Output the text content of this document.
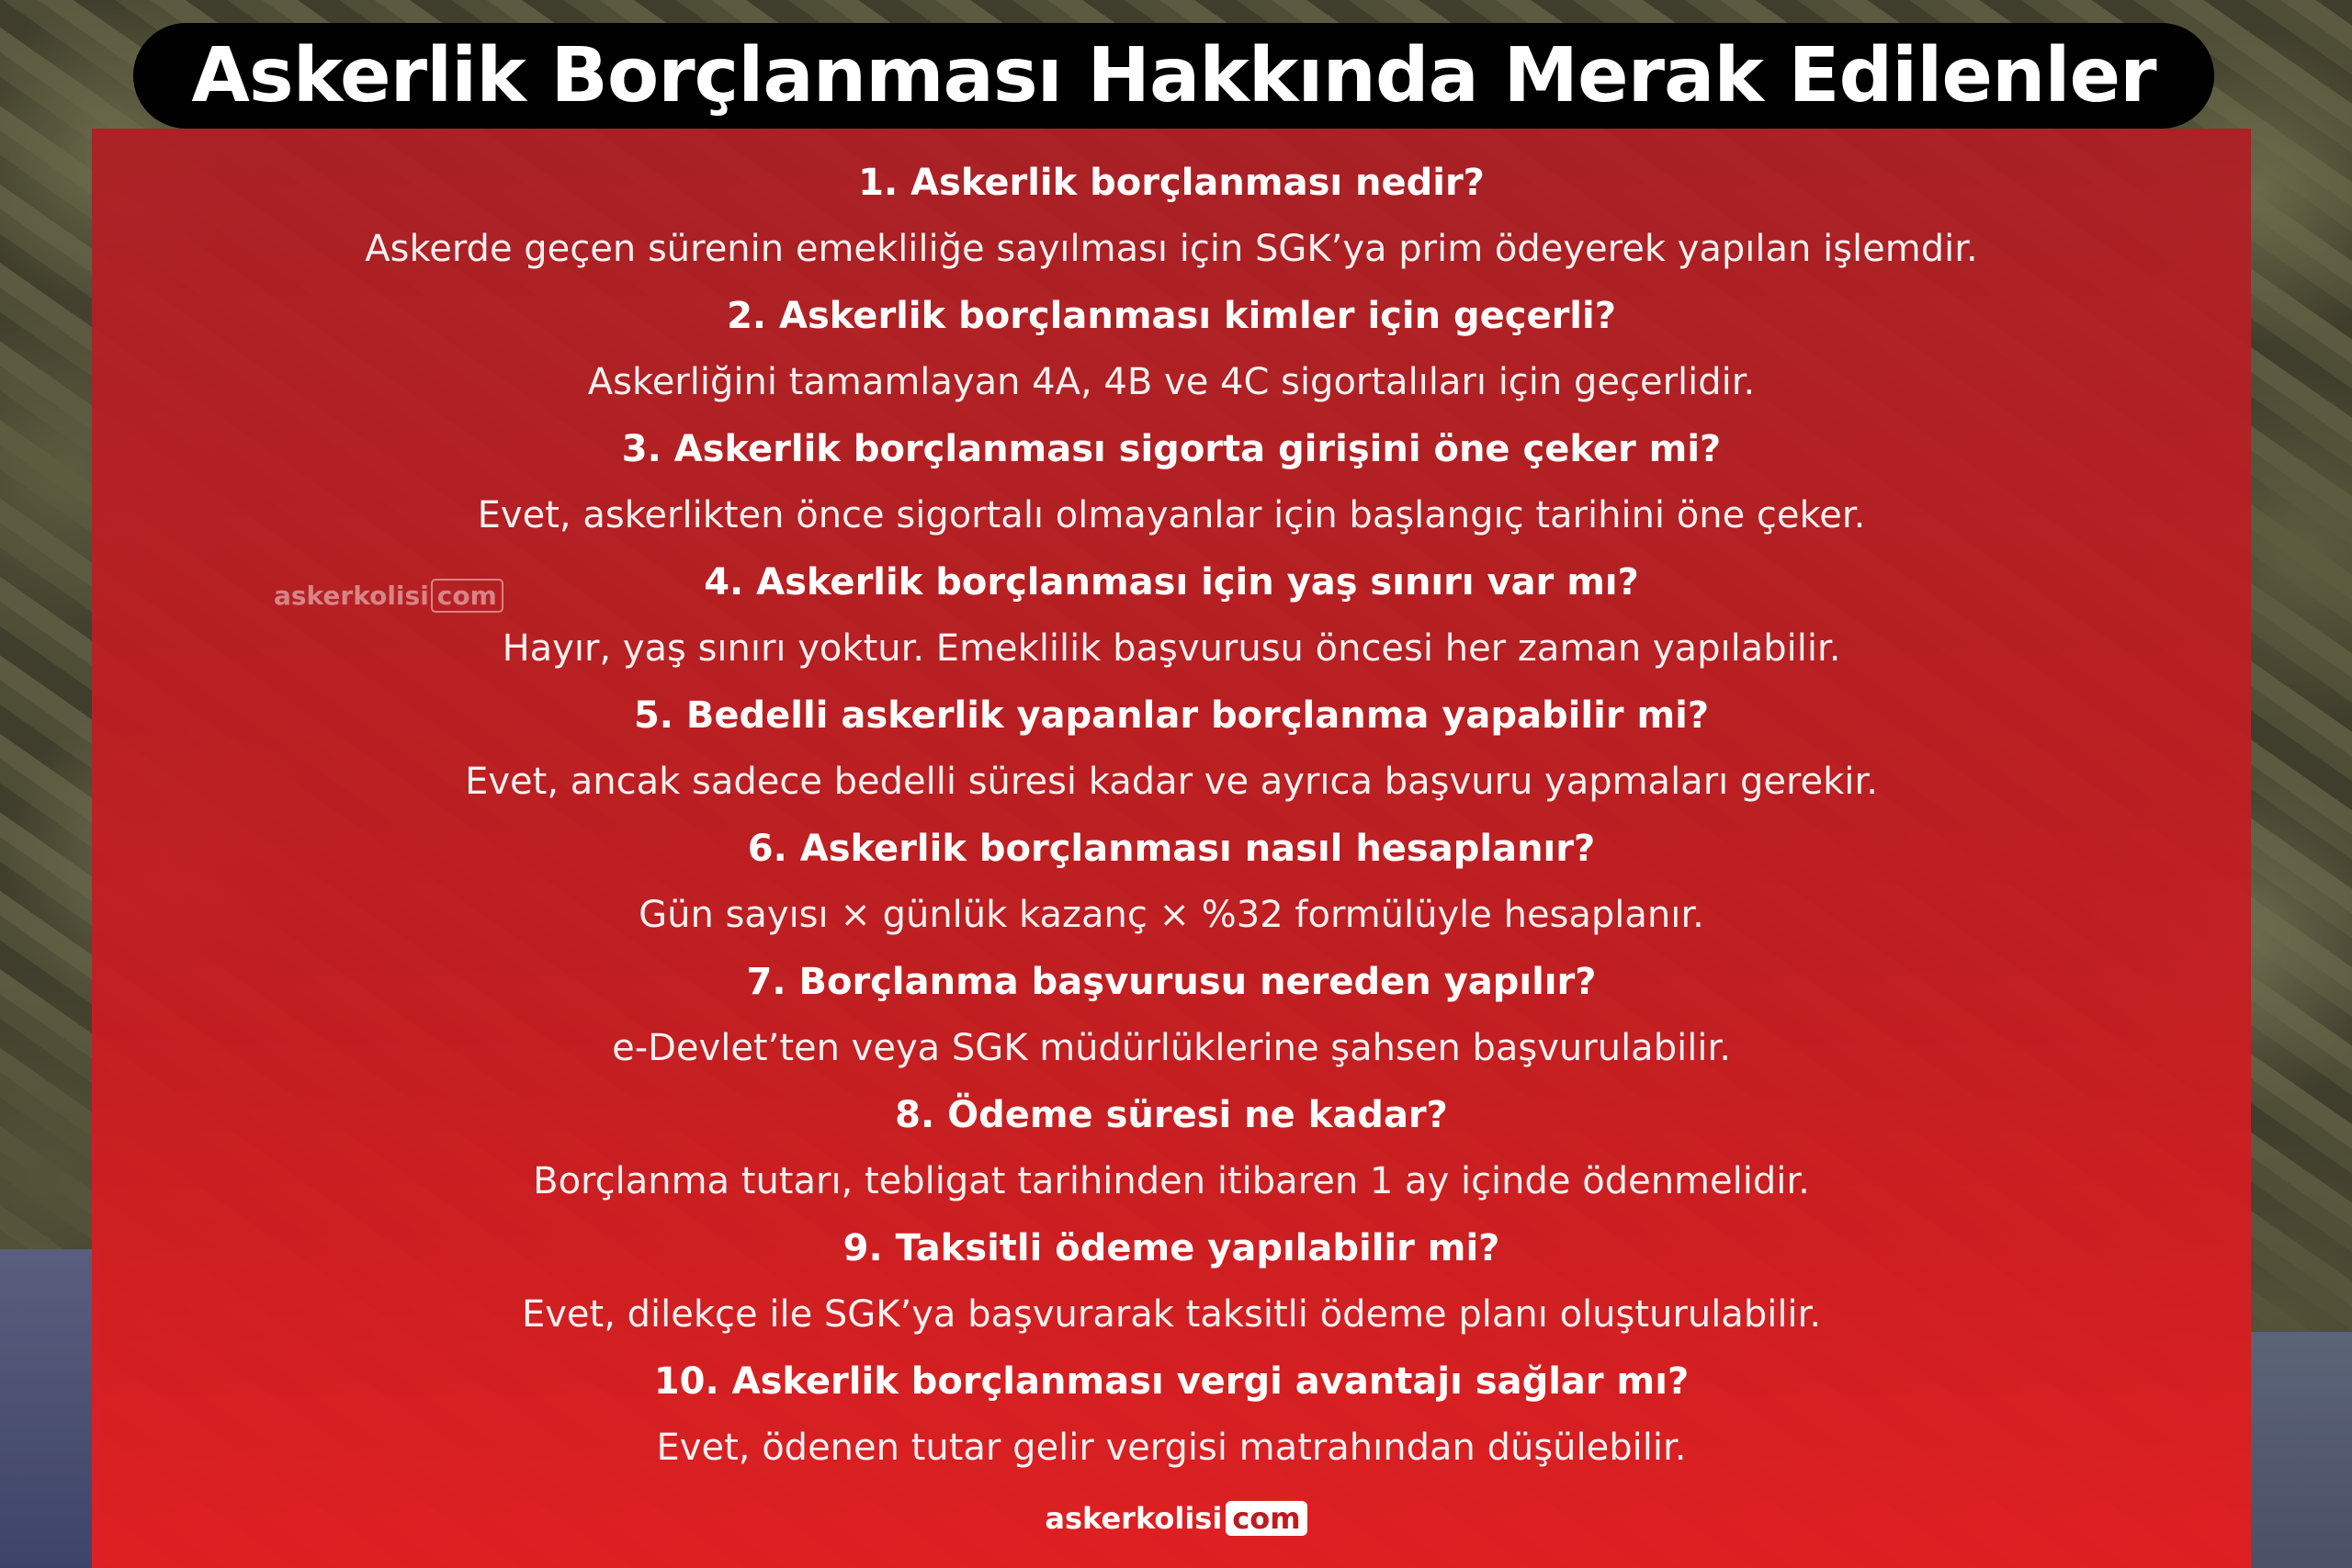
Askerlik Borçlanması Hakkında Merak Edilenler
askerkolisi com
1. Askerlik borçlanması nedir?
Askerde geçen sürenin emekliliğe sayılması için SGK’ya prim ödeyerek yapılan işlemdir.
2. Askerlik borçlanması kimler için geçerli?
Askerliğini tamamlayan 4A, 4B ve 4C sigortalıları için geçerlidir.
3. Askerlik borçlanması sigorta girişini öne çeker mi?
Evet, askerlikten önce sigortalı olmayanlar için başlangıç tarihini öne çeker.
4. Askerlik borçlanması için yaş sınırı var mı?
Hayır, yaş sınırı yoktur. Emeklilik başvurusu öncesi her zaman yapılabilir.
5. Bedelli askerlik yapanlar borçlanma yapabilir mi?
Evet, ancak sadece bedelli süresi kadar ve ayrıca başvuru yapmaları gerekir.
6. Askerlik borçlanması nasıl hesaplanır?
Gün sayısı × günlük kazanç × %32 formülüyle hesaplanır.
7. Borçlanma başvurusu nereden yapılır?
e-Devlet’ten veya SGK müdürlüklerine şahsen başvurulabilir.
8. Ödeme süresi ne kadar?
Borçlanma tutarı, tebligat tarihinden itibaren 1 ay içinde ödenmelidir.
9. Taksitli ödeme yapılabilir mi?
Evet, dilekçe ile SGK’ya başvurarak taksitli ödeme planı oluşturulabilir.
10. Askerlik borçlanması vergi avantajı sağlar mı?
Evet, ödenen tutar gelir vergisi matrahından düşülebilir.
askerkolisi com
